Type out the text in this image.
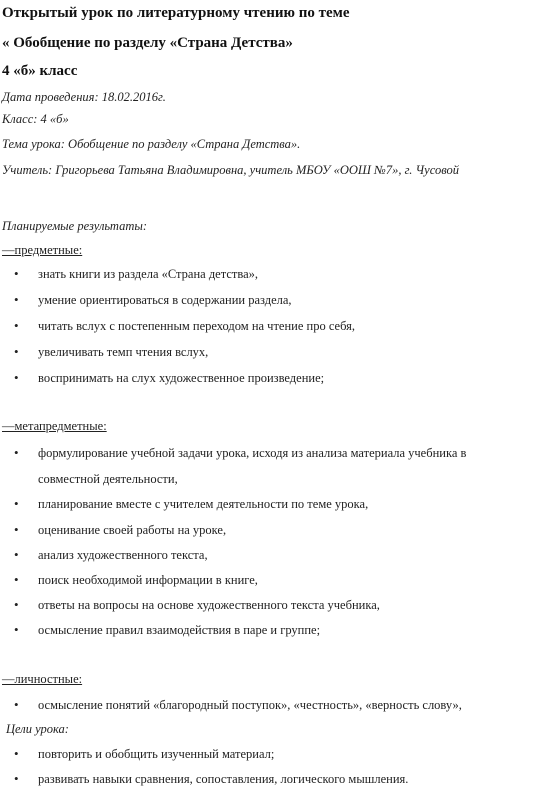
Открытый урок по литературному чтению по теме
« Обобщение по разделу «Страна Детства»
4 «б» класс
Дата проведения: 18.02.2016г.
Класс: 4 «б»
Тема урока: Обобщение по разделу «Страна Детства».
Учитель: Григорьева Татьяна Владимировна, учитель МБОУ «ООШ №7», г. Чусовой
Планируемые результаты:
—предметные:
• знать книги из раздела «Страна детства»,
• умение ориентироваться в содержании раздела,
• читать вслух с постепенным переходом на чтение про себя,
• увеличивать темп чтения вслух,
• воспринимать на слух художественное произведение;
—метапредметные:
• формулирование учебной задачи урока, исходя из анализа материала учебника в
совместной деятельности,
• планирование вместе с учителем деятельности по теме урока,
• оценивание своей работы на уроке,
• анализ художественного текста,
• поиск необходимой информации в книге,
• ответы на вопросы на основе художественного текста учебника,
• осмысление правил взаимодействия в паре и группе;
—личностные:
• осмысление понятий «благородный поступок», «честность», «верность слову»,
Цели урока:
• повторить и обобщить изученный материал;
• развивать навыки сравнения, сопоставления, логического мышления.
